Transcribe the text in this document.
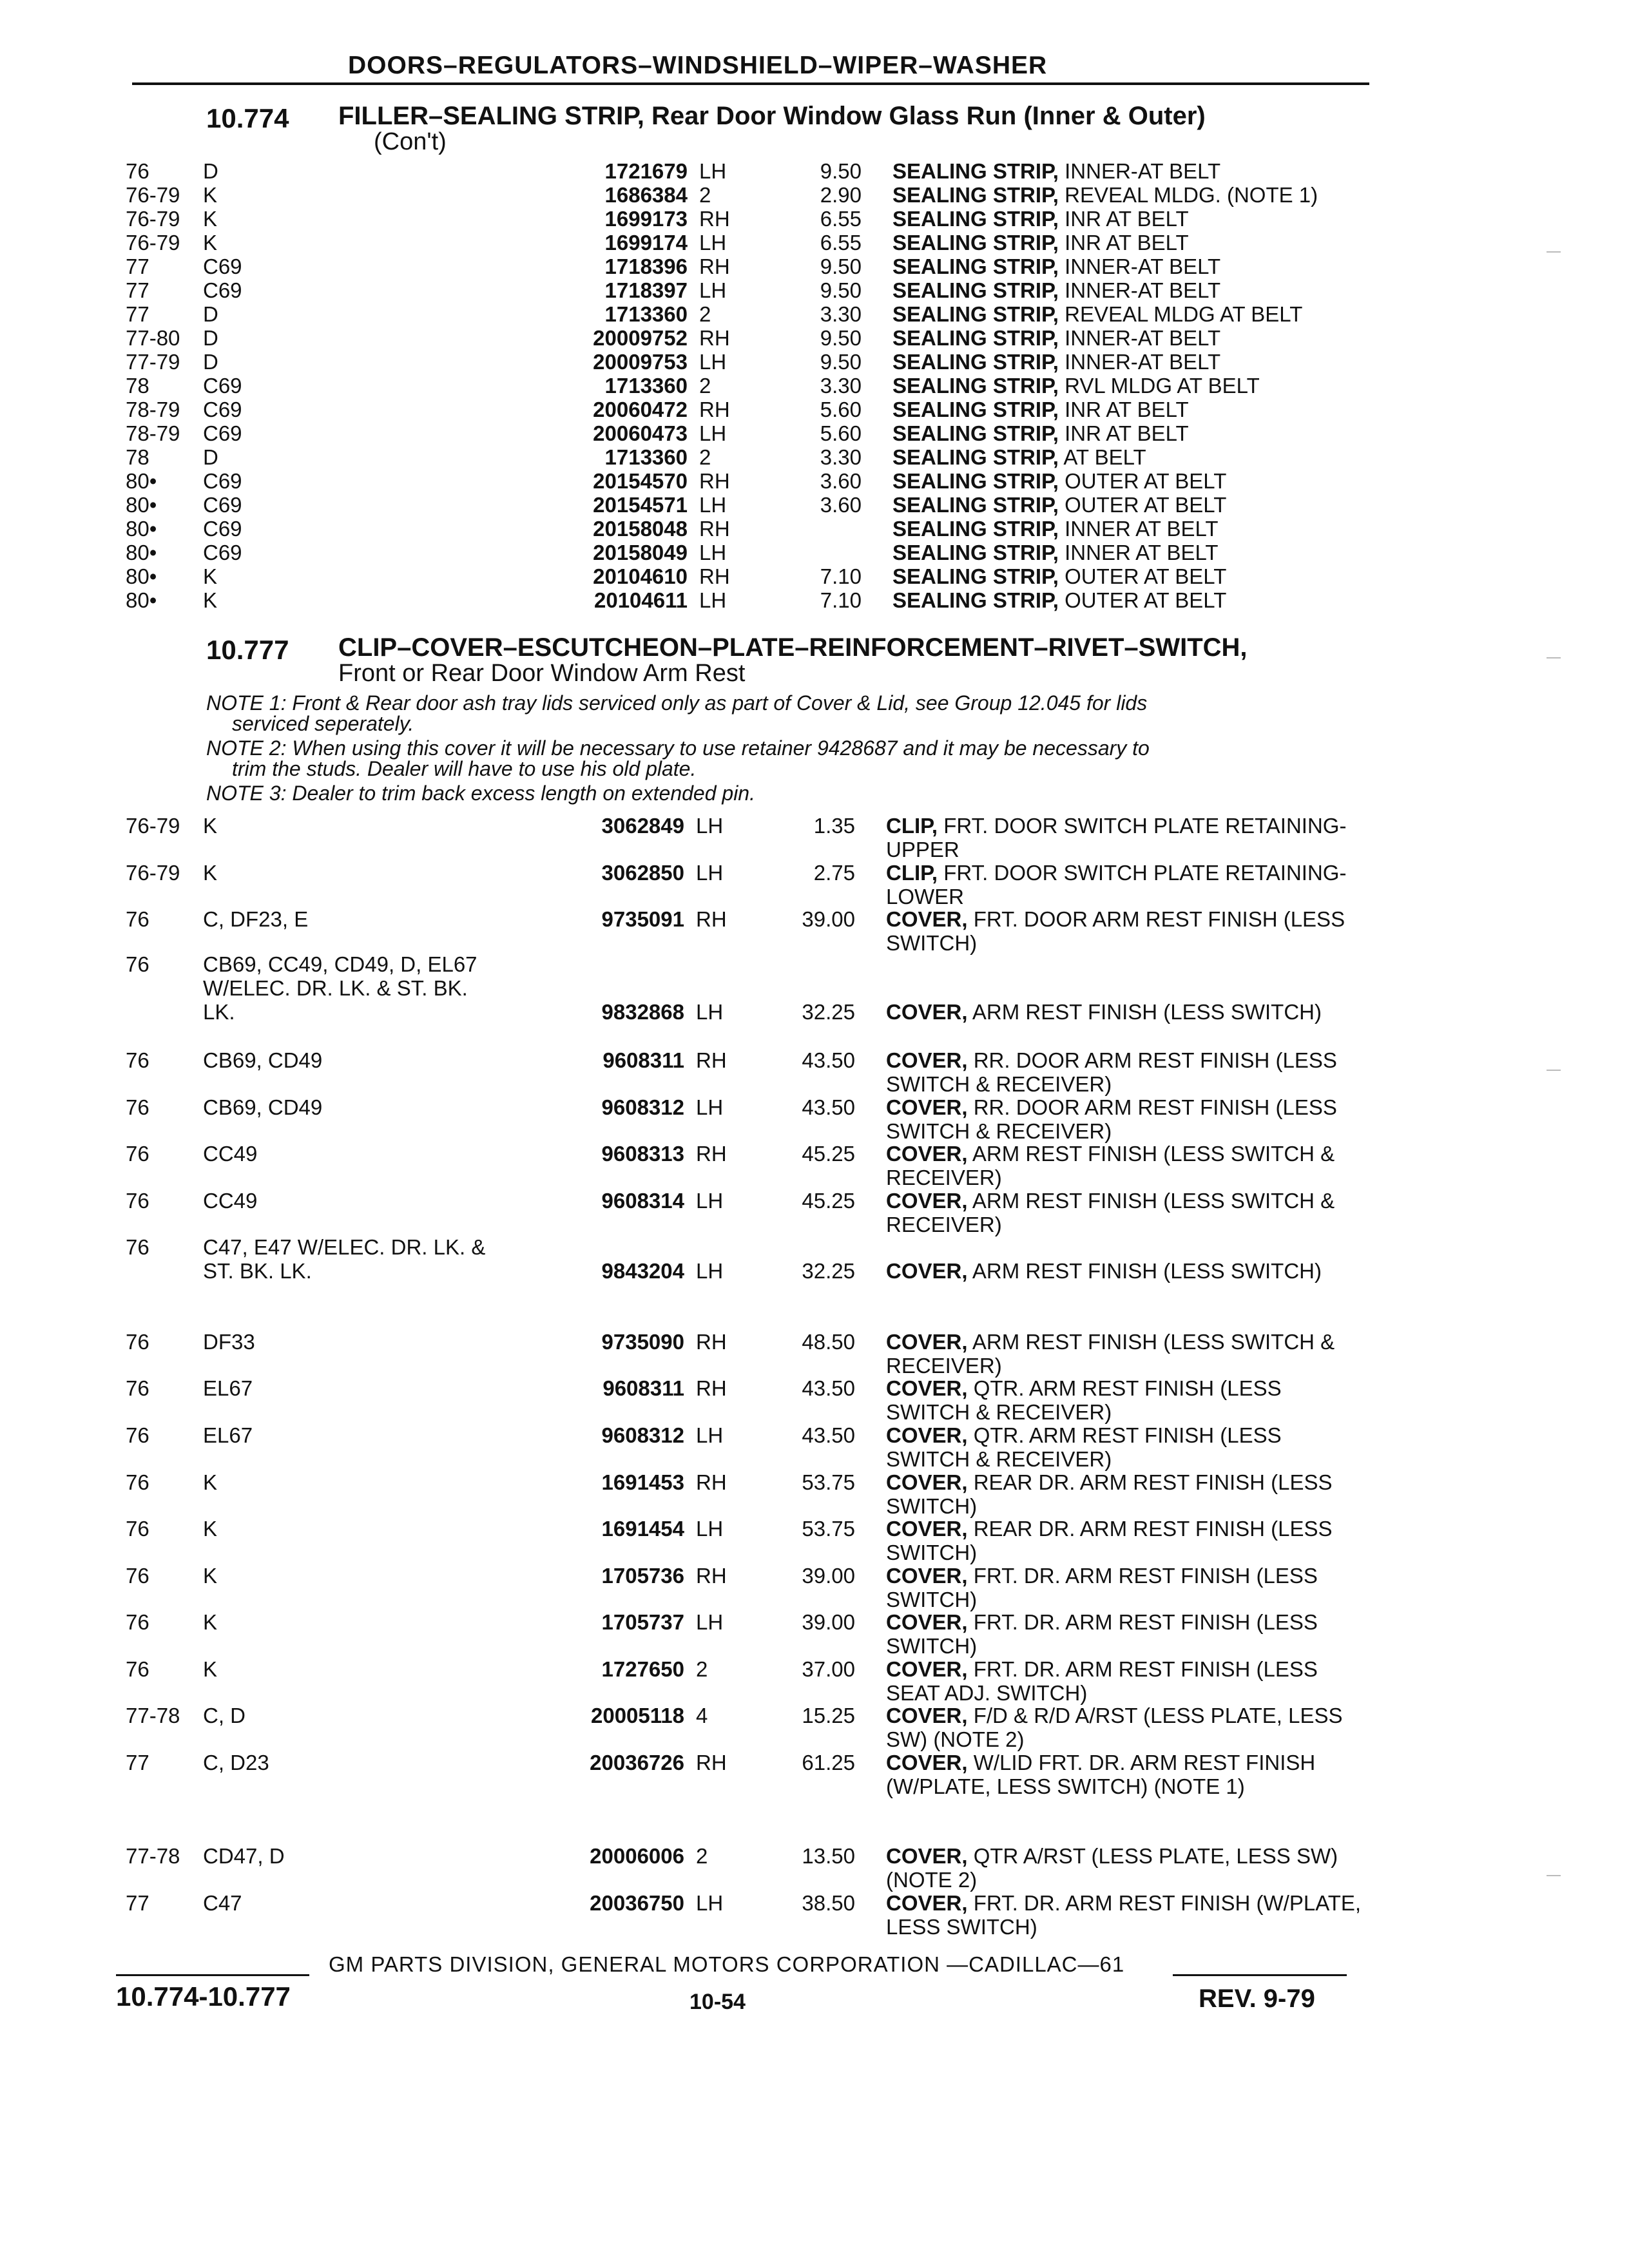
DOORS–REGULATORS–WINDSHIELD–WIPER–WASHER
10.774 FILLER–SEALING STRIP, Rear Door Window Glass Run (Inner & Outer)
(Con't)
76	D	1721679 LH	9.50 SEALING STRIP, INNER-AT BELT
76-79 K	1686384 2	2.90 SEALING STRIP, REVEAL MLDG. (NOTE 1)
76-79 K	1699173 RH	6.55 SEALING STRIP, INR AT BELT
76-79 K	1699174 LH	6.55 SEALING STRIP, INR AT BELT
77	C69	1718396 RH	9.50 SEALING STRIP, INNER-AT BELT
77	C69	1718397 LH	9.50 SEALING STRIP, INNER-AT BELT
77	D	1713360 2	3.30 SEALING STRIP, REVEAL MLDG AT BELT
77-80 D	20009752 RH	9.50 SEALING STRIP, INNER-AT BELT
77-79 D	20009753 LH	9.50 SEALING STRIP, INNER-AT BELT
78	C69	1713360 2	3.30 SEALING STRIP, RVL MLDG AT BELT
78-79 C69	20060472 RH	5.60 SEALING STRIP, INR AT BELT
78-79 C69	20060473 LH	5.60 SEALING STRIP, INR AT BELT
78	D	1713360 2	3.30 SEALING STRIP, AT BELT
80• C69	20154570 RH	3.60 SEALING STRIP, OUTER AT BELT
80• C69	20154571 LH	3.60 SEALING STRIP, OUTER AT BELT
80• C69	20158048 RH	SEALING STRIP, INNER AT BELT
80• C69	20158049 LH	SEALING STRIP, INNER AT BELT
80• K	20104610 RH	7.10 SEALING STRIP, OUTER AT BELT
80• K	20104611 LH	7.10 SEALING STRIP, OUTER AT BELT
10.777 CLIP–COVER–ESCUTCHEON–PLATE–REINFORCEMENT–RIVET–SWITCH,
Front or Rear Door Window Arm Rest
NOTE 1: Front & Rear door ash tray lids serviced only as part of Cover & Lid, see Group 12.045 for lids
serviced seperately.
NOTE 2: When using this cover it will be necessary to use retainer 9428687 and it may be necessary to
trim the studs. Dealer will have to use his old plate.
NOTE 3: Dealer to trim back excess length on extended pin.
76-79 K	3062849 LH	1.35 CLIP, FRT. DOOR SWITCH PLATE RETAINING-UPPER
76-79 K	3062850 LH	2.75 CLIP, FRT. DOOR SWITCH PLATE RETAINING-LOWER
76	C, DF23, E	9735091 RH	39.00 COVER, FRT. DOOR ARM REST FINISH (LESS SWITCH)
76	CB69, CC49, CD49, D, EL67
W/ELEC. DR. LK. & ST. BK.
LK.	9832868 LH	32.25 COVER, ARM REST FINISH (LESS SWITCH)
76	CB69, CD49	9608311 RH	43.50 COVER, RR. DOOR ARM REST FINISH (LESS SWITCH & RECEIVER)
76	CB69, CD49	9608312 LH	43.50 COVER, RR. DOOR ARM REST FINISH (LESS SWITCH & RECEIVER)
76	CC49	9608313 RH	45.25 COVER, ARM REST FINISH (LESS SWITCH & RECEIVER)
76	CC49	9608314 LH	45.25 COVER, ARM REST FINISH (LESS SWITCH & RECEIVER)
76	C47, E47 W/ELEC. DR. LK. &
ST. BK. LK.	9843204 LH	32.25 COVER, ARM REST FINISH (LESS SWITCH)
76	DF33	9735090 RH	48.50 COVER, ARM REST FINISH (LESS SWITCH & RECEIVER)
76	EL67	9608311 RH	43.50 COVER, QTR. ARM REST FINISH (LESS SWITCH & RECEIVER)
76	EL67	9608312 LH	43.50 COVER, QTR. ARM REST FINISH (LESS SWITCH & RECEIVER)
76	K	1691453 RH	53.75 COVER, REAR DR. ARM REST FINISH (LESS SWITCH)
76	K	1691454 LH	53.75 COVER, REAR DR. ARM REST FINISH (LESS SWITCH)
76	K	1705736 RH	39.00 COVER, FRT. DR. ARM REST FINISH (LESS SWITCH)
76	K	1705737 LH	39.00 COVER, FRT. DR. ARM REST FINISH (LESS SWITCH)
76	K	1727650 2	37.00 COVER, FRT. DR. ARM REST FINISH (LESS SEAT ADJ. SWITCH)
77-78 C, D	20005118 4	15.25 COVER, F/D & R/D A/RST (LESS PLATE, LESS SW) (NOTE 2)
77	C, D23	20036726 RH	61.25 COVER, W/LID FRT. DR. ARM REST FINISH (W/PLATE, LESS SWITCH) (NOTE 1)
77-78 CD47, D	20006006 2	13.50 COVER, QTR A/RST (LESS PLATE, LESS SW) (NOTE 2)
77	C47	20036750 LH	38.50 COVER, FRT. DR. ARM REST FINISH (W/PLATE, LESS SWITCH)
GM PARTS DIVISION, GENERAL MOTORS CORPORATION —CADILLAC—61
10.774-10.777	10-54	REV. 9-79
